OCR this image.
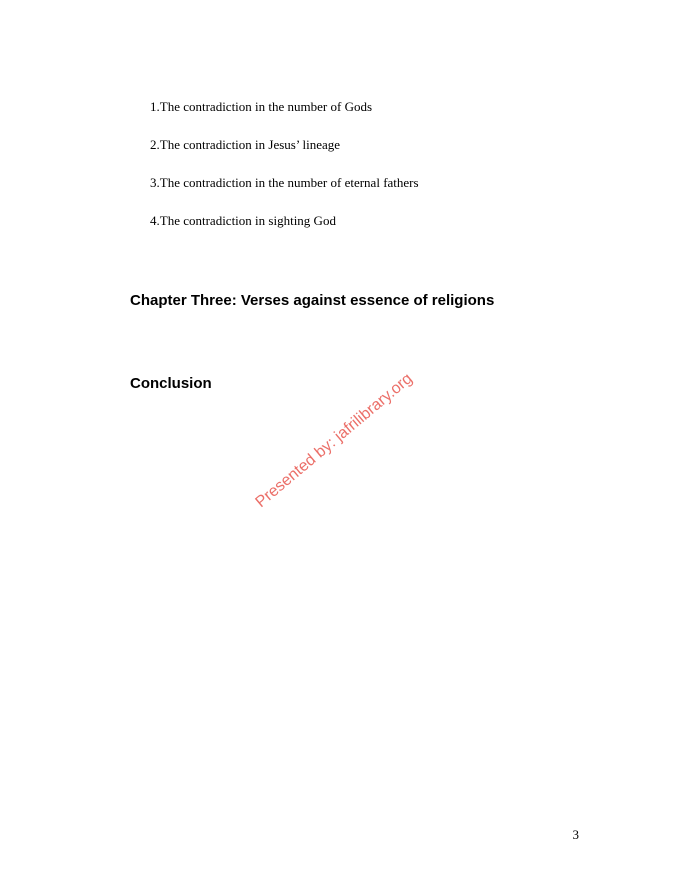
1.The contradiction in the number of Gods
2.The contradiction in Jesus’ lineage
3.The contradiction in the number of eternal fathers
4.The contradiction in sighting God
Chapter Three: Verses against essence of religions
Conclusion	Presented by: jafrilibrary.org
3
